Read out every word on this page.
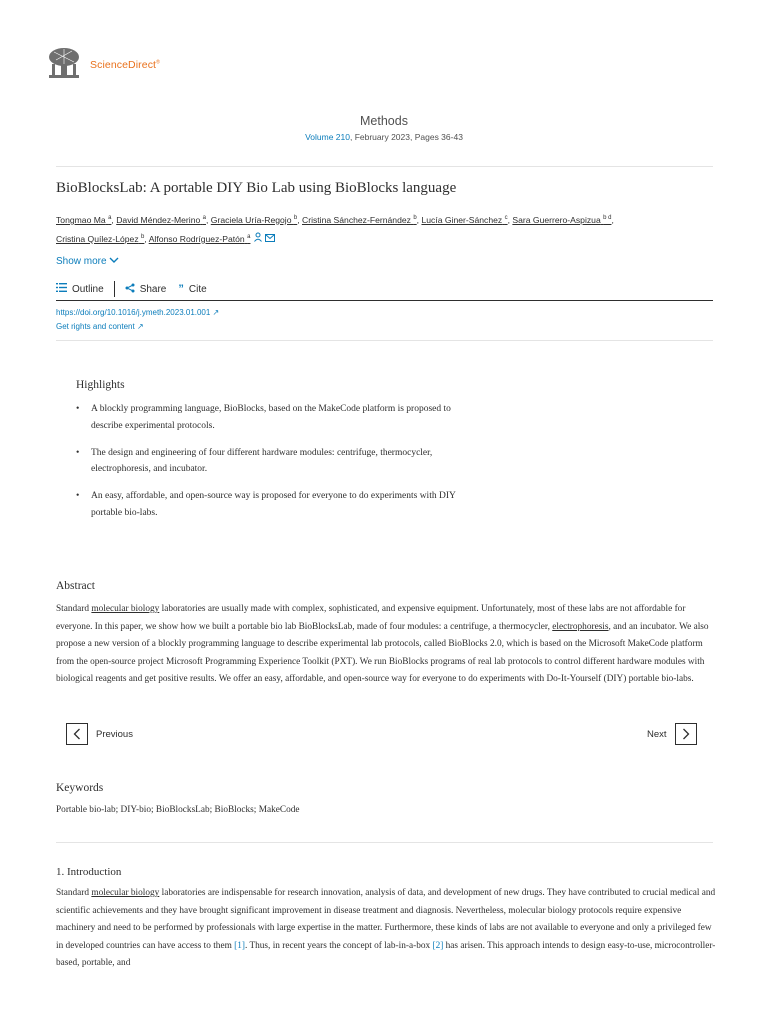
ScienceDirect®
Methods
Volume 210, February 2023, Pages 36-43
BioBlocksLab: A portable DIY Bio Lab using BioBlocks language
Tongmao Ma $^a$, David Méndez-Merino $^a$, Graciela Uría-Regojo $^b$, Cristina Sánchez-Fernández $^b$, Lucía Giner-Sánchez $^c$, Sara Guerrero-Aspizua $^{b d}$,
Cristina Quílez-López $^b$, Alfonso Rodríguez-Patón $^a$
Show more
Outline	Share ” Cite
https://doi.org/10.1016/j.ymeth.2023.01.001 ↗
Get rights and content ↗
Highlights
• A blockly programming language, BioBlocks, based on the MakeCode platform is proposed to describe experimental protocols.
• The design and engineering of four different hardware modules: centrifuge, thermocycler, electrophoresis, and incubator.
• An easy, affordable, and open-source way is proposed for everyone to do experiments with DIY portable bio-labs.
Abstract
Standard molecular biology laboratories are usually made with complex, sophisticated, and expensive equipment. Unfortunately, most of these labs are not affordable for everyone. In this paper, we show how we built a portable bio lab BioBlocksLab, made of four modules: a centrifuge, a thermocycler, electrophoresis, and an incubator. We also propose a new version of a blockly programming language to describe experimental lab protocols, called BioBlocks 2.0, which is based on the Microsoft MakeCode platform from the open-source project Microsoft Programming Experience Toolkit (PXT). We run BioBlocks programs of real lab protocols to control different hardware modules with biological reagents and get positive results. We offer an easy, affordable, and open-source way for everyone to do experiments with Do-It-Yourself (DIY) portable bio-labs.
Previous	Next
Keywords
Portable bio-lab; DIY-bio; BioBlocksLab; BioBlocks; MakeCode
1. Introduction
Standard molecular biology laboratories are indispensable for research innovation, analysis of data, and development of new drugs. They have contributed to crucial medical and scientific achievements and they have brought significant improvement in disease treatment and diagnosis. Nevertheless, molecular biology protocols require expensive machinery and need to be performed by professionals with large expertise in the matter. Furthermore, these kinds of labs are not available to everyone and only a privileged few in developed countries can have access to them [1]. Thus, in recent years the concept of lab-in-a-box [2] has arisen. This approach intends to design easy-to-use, microcontroller-based, portable, and
